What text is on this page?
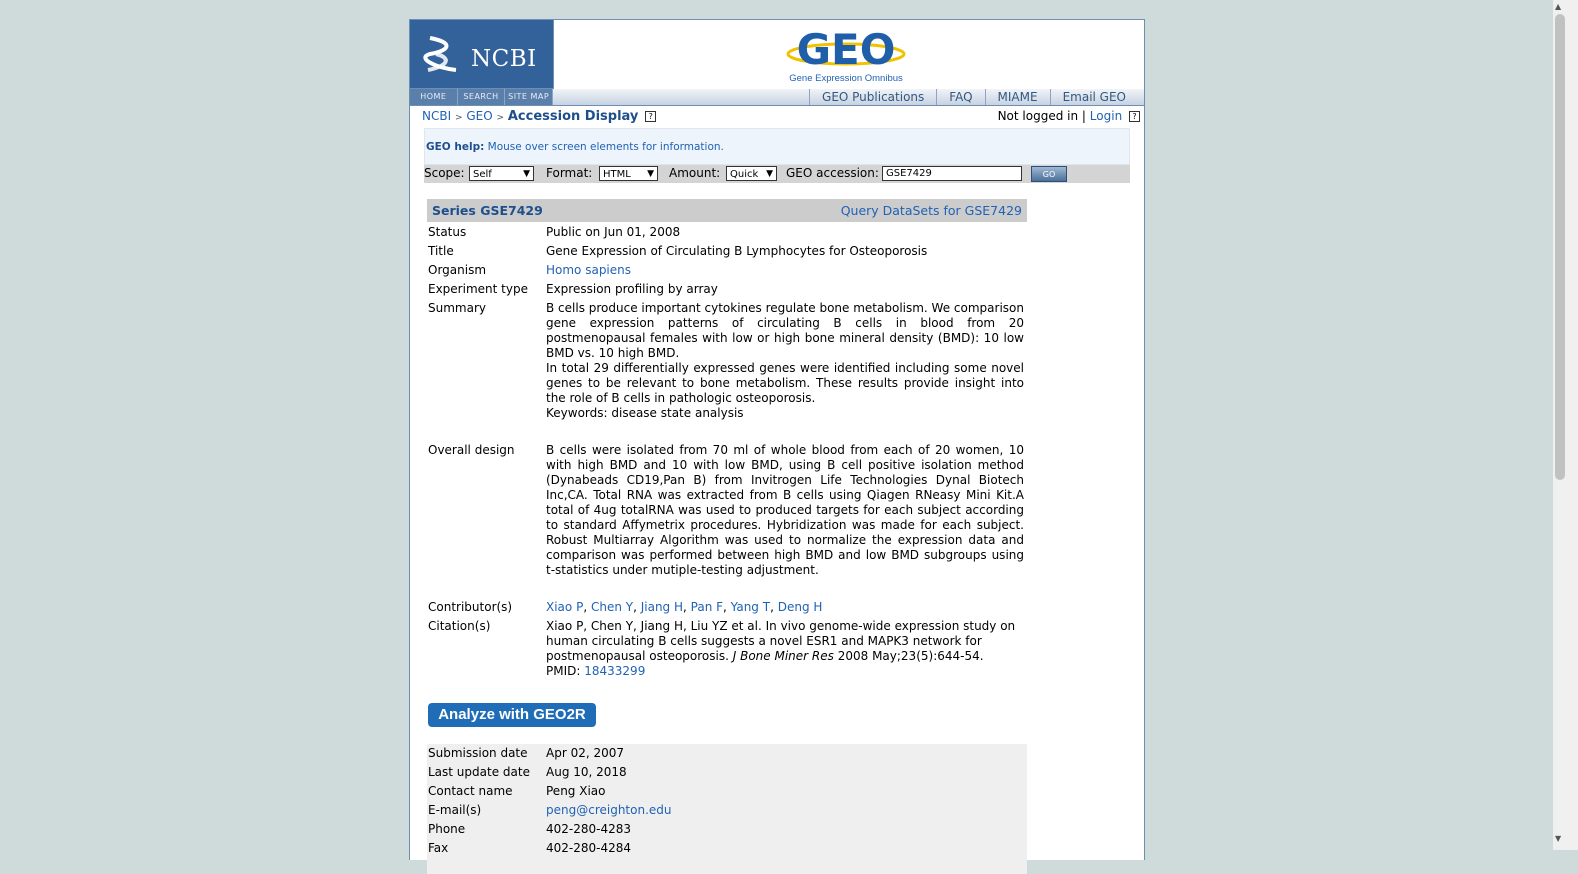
NCBI	GEO
Gene Expression Omnibus
HOME	SEARCH	SITE MAP	GEO Publications	FAQ	MIAME	Email GEO
NCBI > GEO > Accession Display ?	Not logged in | Login ?
GEO help: Mouse over screen elements for information.
Scope: Self	▼ Format:	HTML ▼ Amount: Quick ▼ GEO accession: GSE7429	GO
Series GSE7429	Query DataSets for GSE7429
Status	Public on Jun 01, 2008
Title	Gene Expression of Circulating B Lymphocytes for Osteoporosis
Organism	Homo sapiens
Experiment type	Expression profiling by array
Summary	B cells produce important cytokines regulate bone metabolism. We comparison gene expression patterns of circulating B cells in blood from 20 postmenopausal females with low or high bone mineral density (BMD): 10 low BMD vs. 10 high BMD.
In total 29 differentially expressed genes were identified including some novel genes to be relevant to bone metabolism. These results provide insight into the role of B cells in pathologic osteoporosis.
Keywords: disease state analysis
Overall design	B cells were isolated from 70 ml of whole blood from each of 20 women, 10 with high BMD and 10 with low BMD, using B cell positive isolation method (Dynabeads CD19,Pan B) from Invitrogen Life Technologies Dynal Biotech Inc,CA. Total RNA was extracted from B cells using Qiagen RNeasy Mini Kit.A total of 4ug totalRNA was used to produced targets for each subject according to standard Affymetrix procedures. Hybridization was made for each subject. Robust Multiarray Algorithm was used to normalize the expression data and comparison was performed between high BMD and low BMD subgroups using t-statistics under mutiple-testing adjustment.
Contributor(s)	Xiao P, Chen Y, Jiang H, Pan F, Yang T, Deng H
Citation(s)	Xiao P, Chen Y, Jiang H, Liu YZ et al. In vivo genome-wide expression study on human circulating B cells suggests a novel ESR1 and MAPK3 network for postmenopausal osteoporosis. J Bone Miner Res 2008 May;23(5):644-54.
PMID: 18433299
Analyze with GEO2R
Submission date	Apr 02, 2007
Last update date	Aug 10, 2018
Contact name	Peng Xiao
E-mail(s)	peng@creighton.edu
Phone	402-280-4283
Fax	402-280-4284
▲
▼
